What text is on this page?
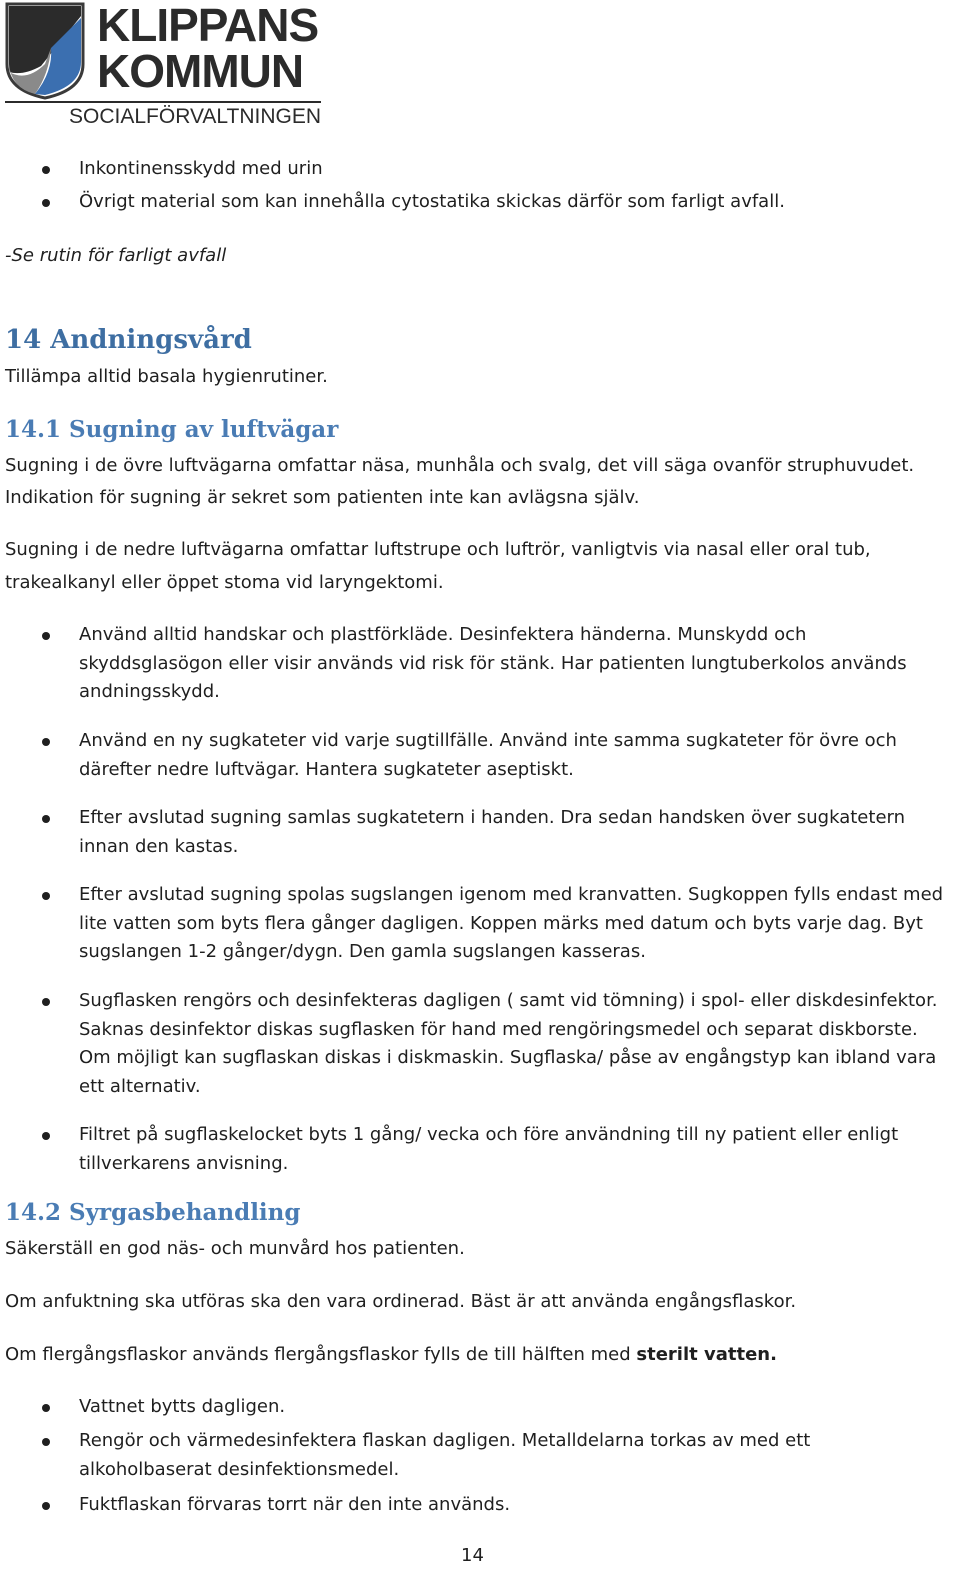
KLIPPANS
KOMMUN
SOCIALFÖRVALTNINGEN
Inkontinensskydd med urin
Övrigt material som kan innehålla cytostatika skickas därför som farligt avfall.
-Se rutin för farligt avfall
14 Andningsvård
Tillämpa alltid basala hygienrutiner.
14.1 Sugning av luftvägar
Sugning i de övre luftvägarna omfattar näsa, munhåla och svalg, det vill säga ovanför struphuvudet.
Indikation för sugning är sekret som patienten inte kan avlägsna själv.
Sugning i de nedre luftvägarna omfattar luftstrupe och luftrör, vanligtvis via nasal eller oral tub,
trakealkanyl eller öppet stoma vid laryngektomi.
Använd alltid handskar och plastförkläde. Desinfektera händerna. Munskydd och skyddsglasögon eller visir används vid risk för stänk. Har patienten lungtuberkolos används andningsskydd.
Använd en ny sugkateter vid varje sugtillfälle. Använd inte samma sugkateter för övre och därefter nedre luftvägar. Hantera sugkateter aseptiskt.
Efter avslutad sugning samlas sugkatetern i handen. Dra sedan handsken över sugkatetern innan den kastas.
Efter avslutad sugning spolas sugslangen igenom med kranvatten. Sugkoppen fylls endast med lite vatten som byts flera gånger dagligen. Koppen märks med datum och byts varje dag. Byt sugslangen 1-2 gånger/dygn. Den gamla sugslangen kasseras.
Sugflasken rengörs och desinfekteras dagligen ( samt vid tömning) i spol- eller diskdesinfektor. Saknas desinfektor diskas sugflasken för hand med rengöringsmedel och separat diskborste. Om möjligt kan sugflaskan diskas i diskmaskin. Sugflaska/ påse av engångstyp kan ibland vara ett alternativ.
Filtret på sugflaskelocket byts 1 gång/ vecka och före användning till ny patient eller enligt tillverkarens anvisning.
14.2 Syrgasbehandling
Säkerställ en god näs- och munvård hos patienten.
Om anfuktning ska utföras ska den vara ordinerad. Bäst är att använda engångsflaskor.
Om flergångsflaskor används flergångsflaskor fylls de till hälften med sterilt vatten.
Vattnet bytts dagligen.
Rengör och värmedesinfektera flaskan dagligen. Metalldelarna torkas av med ett alkoholbaserat desinfektionsmedel.
Fuktflaskan förvaras torrt när den inte används.
14
